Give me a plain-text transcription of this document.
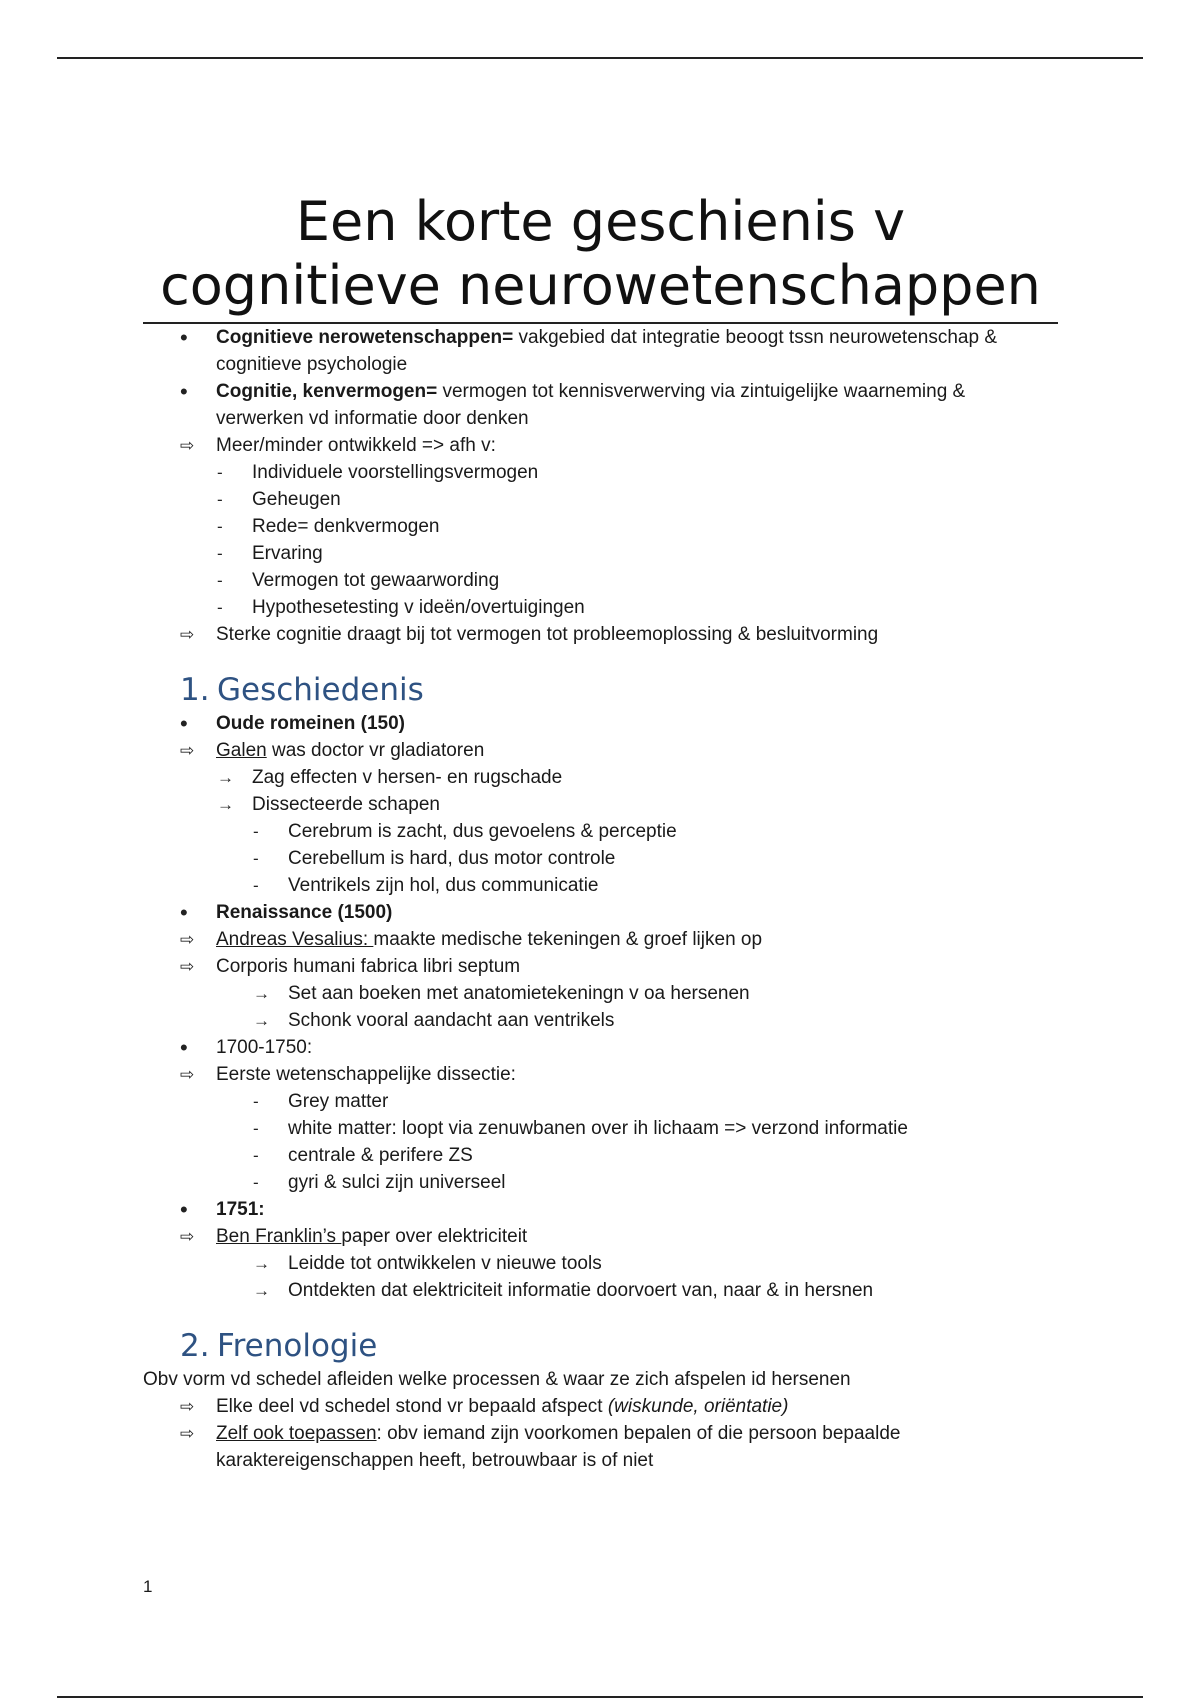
Een korte geschienis v
cognitieve neurowetenschappen
• Cognitieve nerowetenschappen= vakgebied dat integratie beoogt tssn neurowetenschap &
cognitieve psychologie
• Cognitie, kenvermogen= vermogen tot kennisverwerving via zintuigelijke waarneming &
verwerken vd informatie door denken
⇨ Meer/minder ontwikkeld => afh v:
- Individuele voorstellingsvermogen
- Geheugen
- Rede= denkvermogen
- Ervaring
- Vermogen tot gewaarwording
- Hypothesetesting v ideën/overtuigingen
⇨ Sterke cognitie draagt bij tot vermogen tot probleemoplossing & besluitvorming
1. Geschiedenis
• Oude romeinen (150)
⇨ Galen was doctor vr gladiatoren
→ Zag effecten v hersen- en rugschade
→ Dissecteerde schapen
- Cerebrum is zacht, dus gevoelens & perceptie
- Cerebellum is hard, dus motor controle
- Ventrikels zijn hol, dus communicatie
• Renaissance (1500)
⇨ Andreas Vesalius: maakte medische tekeningen & groef lijken op
⇨ Corporis humani fabrica libri septum
→ Set aan boeken met anatomietekeningn v oa hersenen
→ Schonk vooral aandacht aan ventrikels
• 1700-1750:
⇨ Eerste wetenschappelijke dissectie:
- Grey matter
- white matter: loopt via zenuwbanen over ih lichaam => verzond informatie
- centrale & perifere ZS
- gyri & sulci zijn universeel
• 1751:
⇨ Ben Franklin’s paper over elektriciteit
→ Leidde tot ontwikkelen v nieuwe tools
→ Ontdekten dat elektriciteit informatie doorvoert van, naar & in hersnen
2. Frenologie
Obv vorm vd schedel afleiden welke processen & waar ze zich afspelen id hersenen
⇨ Elke deel vd schedel stond vr bepaald afspect (wiskunde, oriëntatie)
⇨ Zelf ook toepassen: obv iemand zijn voorkomen bepalen of die persoon bepaalde
karaktereigenschappen heeft, betrouwbaar is of niet
1
